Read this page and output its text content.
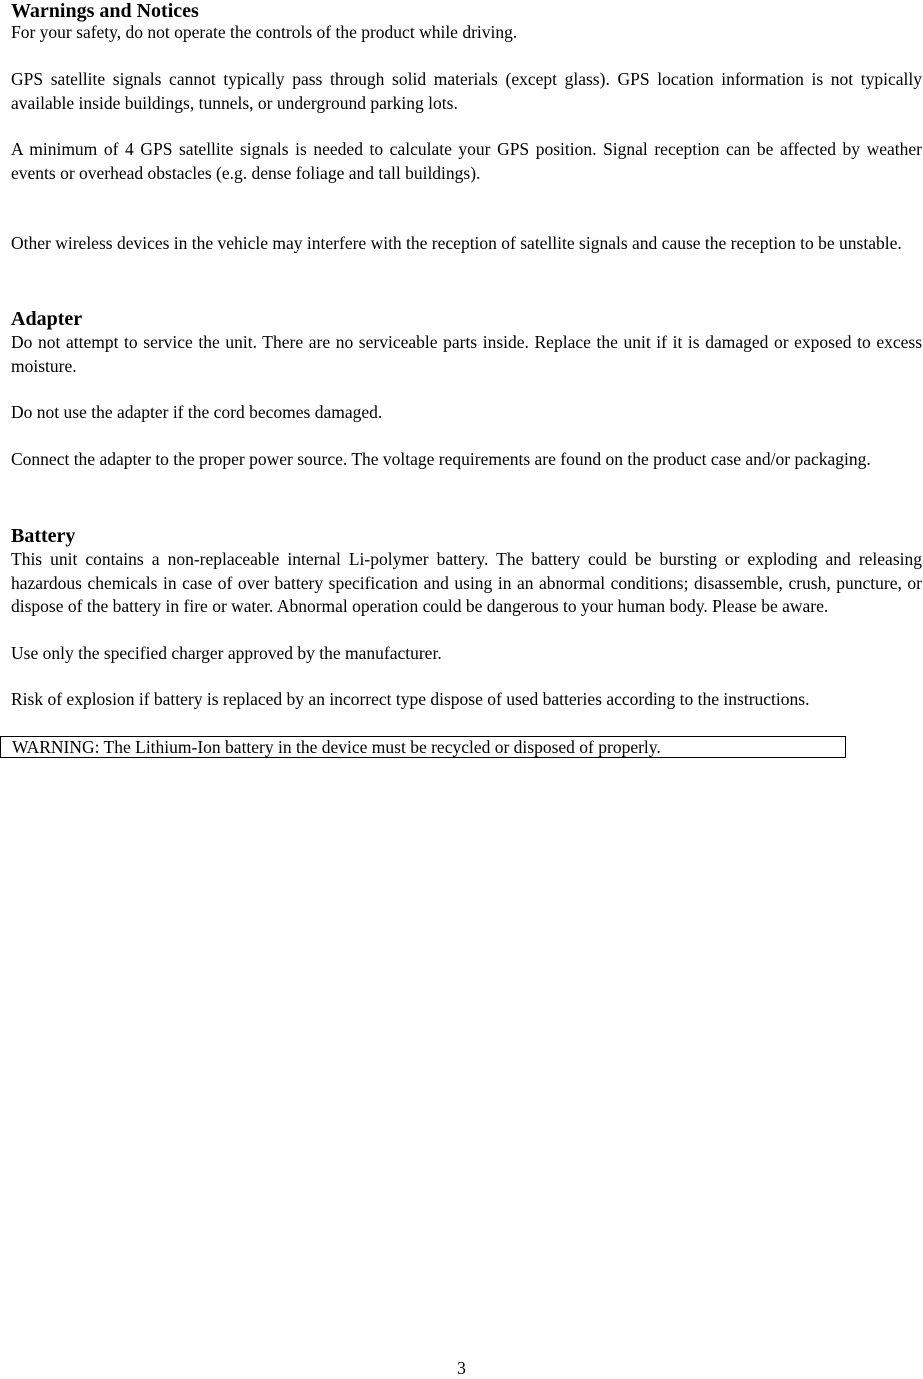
Warnings and Notices

For your safety, do not operate the controls of the product while driving.

GPS satellite signals cannot typically pass through solid materials (except glass). GPS location information is not typically available inside buildings, tunnels, or underground parking lots.

A minimum of 4 GPS satellite signals is needed to calculate your GPS position. Signal reception can be affected by weather events or overhead obstacles (e.g. dense foliage and tall buildings).

Other wireless devices in the vehicle may interfere with the reception of satellite signals and cause the reception to be unstable.

Adapter

Do not attempt to service the unit. There are no serviceable parts inside. Replace the unit if it is damaged or exposed to excess moisture.

Do not use the adapter if the cord becomes damaged.

Connect the adapter to the proper power source. The voltage requirements are found on the product case and/or packaging.

Battery

This unit contains a non-replaceable internal Li-polymer battery. The battery could be bursting or exploding and releasing hazardous chemicals in case of over battery specification and using in an abnormal conditions; disassemble, crush, puncture, or dispose of the battery in fire or water. Abnormal operation could be dangerous to your human body. Please be aware.

Use only the specified charger approved by the manufacturer.

Risk of explosion if battery is replaced by an incorrect type dispose of used batteries according to the instructions.

WARNING: The Lithium-Ion battery in the device must be recycled or disposed of properly.
3
